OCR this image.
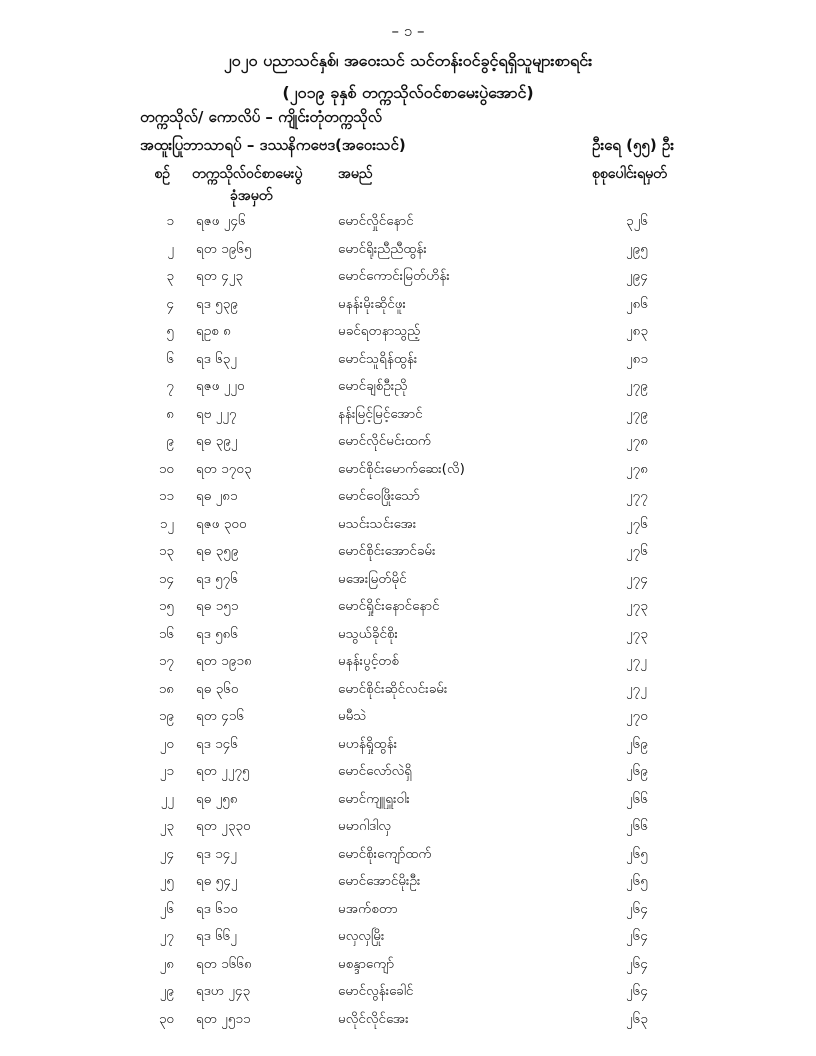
– ၁ –
၂၀၂၀ ပညာသင်နှစ်၊ အဝေးသင် သင်တန်းဝင်ခွင့်ရရှိသူများစာရင်း
(၂၀၁၉ ခုနှစ် တက္ကသိုလ်ဝင်စာမေးပွဲအောင်)
တက္ကသိုလ်/ ကောလိပ် – ကျိုင်းတုံတက္ကသိုလ်
အထူးပြုဘာသာရပ် – ဒဿနိကဗေဒ(အဝေးသင်)	ဦးရေ (၅၅) ဦး
စဉ် တက္ကသိုလ်ဝင်စာမေးပွဲ
ခုံအမှတ်
အမည်	စုစုပေါင်းရမှတ်
၁ ရဇဖ ၂၄၆	မောင်လှိုင်နောင်	၃၂၆
၂ ရတ ၁၉၆၅	မောင်ရိုးညီညီထွန်း	၂၉၅
၃ ရတ ၄၂၃	မောင်ကောင်းမြတ်ဟိန်း	၂၉၄
၄ ရဒ ၅၃၉	မနန်းမိုးဆိုင်ဖူး	၂၈၆
၅ ရဥစ ၈	မခင်ရတနာသွည့်	၂၈၃
၆ ရဒ ၆၃၂	မောင်သူရိန်ထွန်း	၂၈၁
၇ ရဇဖ ၂၂၀	မောင်ချစ်ဦးညို	၂၇၉
၈ ရဗ ၂၂၇	နန်းမြင့်မြင့်အောင်	၂၇၉
၉ ရဓ ၃၉၂	မောင်လိုင်မင်းထက်	၂၇၈
၁၀ ရတ ၁၇၀၃	မောင်စိုင်းမောက်ဆေး(လိ)	၂၇၈
၁၁ ရဓ ၂၈၁	မောင်ဝေဖြိုးသော်	၂၇၇
၁၂ ရဇဖ ၃၀၀	မသင်းသင်းအေး	၂၇၆
၁၃ ရဓ ၃၅၉	မောင်စိုင်းအောင်ခမ်း	၂၇၆
၁၄ ရဒ ၅၇၆	မအေးမြတ်မိုင်	၂၇၄
၁၅ ရဓ ၁၅၁	မောင်ရှိုင်းနောင်နောင်	၂၇၃
၁၆ ရဒ ၅၈၆	မသွယ်ခိုင်စိုး	၂၇၃
၁၇ ရတ ၁၉၁၈	မနန်းပွင့်တစ်	၂၇၂
၁၈ ရဓ ၃၆၀	မောင်စိုင်းဆိုင်လင်းခမ်း	၂၇၂
၁၉ ရတ ၄၁၆	မမီသဲ	၂၇၀
၂၀ ရဒ ၁၄၆	မဟန်ရှိုထွန်း	၂၆၉
၂၁ ရတ ၂၂၇၅	မောင်လော်လဲရှိ	၂၆၉
၂၂ ရဓ ၂၅၈	မောင်ကျူရှူးဝါး	၂၆၆
၂၃ ရတ ၂၃၃၀	မမာဂါဒါလှ	၂၆၆
၂၄ ရဒ ၁၄၂	မောင်စိုးကျော်ထက်	၂၆၅
၂၅ ရဓ ၅၄၂	မောင်အောင်မိုးဦး	၂၆၅
၂၆ ရဒ ၆၁၀	မအက်စတာ	၂၆၄
၂၇ ရဒ ၆၆၂	မလှလှမြိုး	၂၆၄
၂၈ ရတ ၁၆၆၈	မစန္ဒာကျော်	၂၆၄
၂၉ ရဒဟ ၂၄၃	မောင်လွန်းခေါင်	၂၆၄
၃၀ ရတ ၂၅၁၁	မလိုင်လိုင်အေး	၂၆၃
